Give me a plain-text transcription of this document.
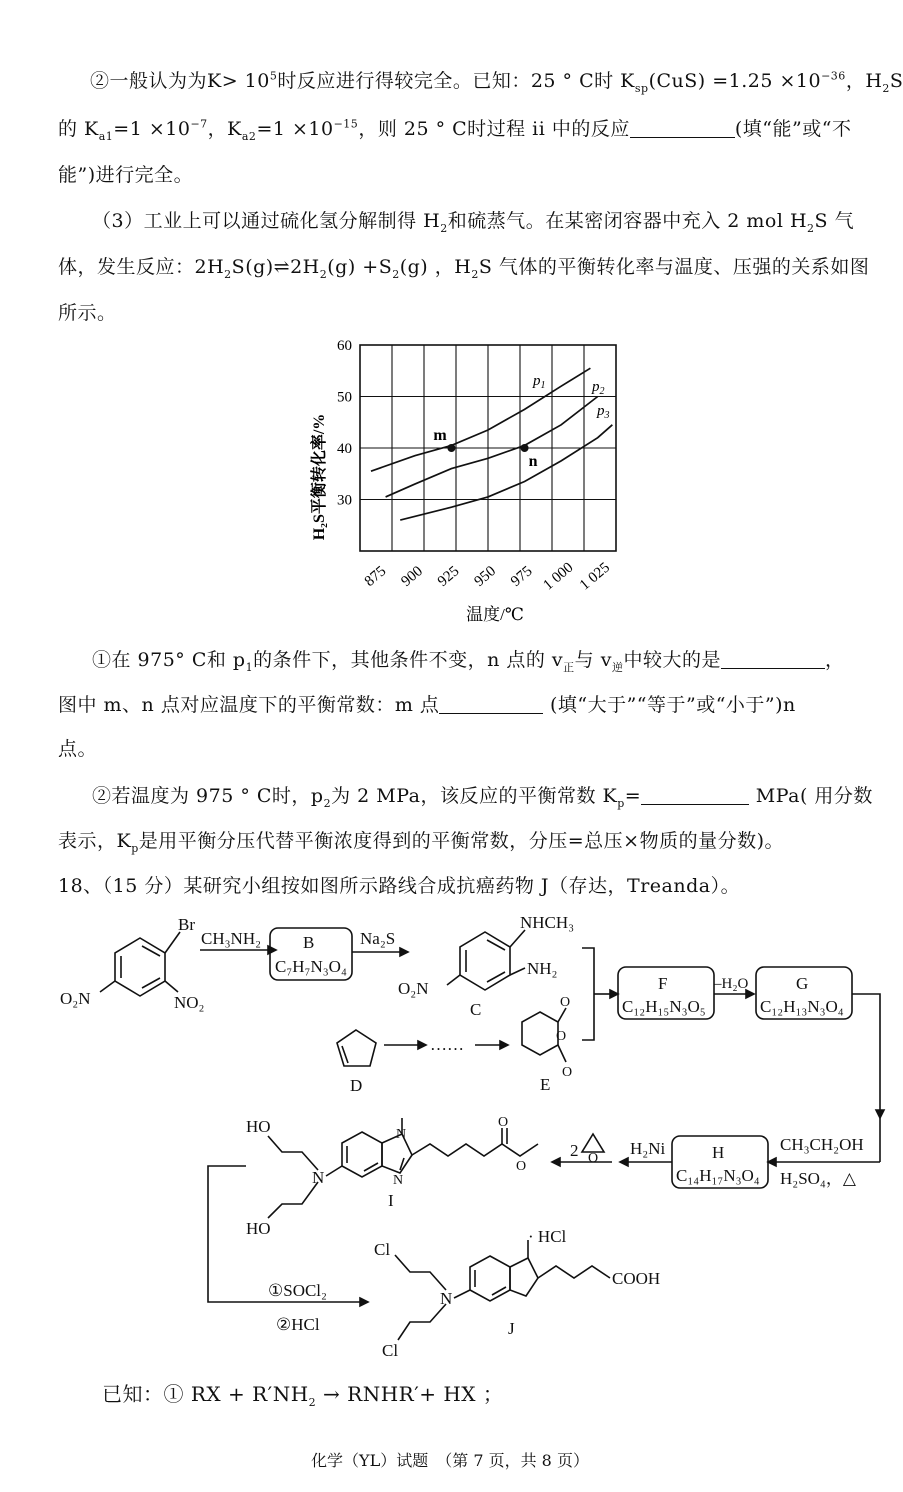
②一般认为为$K> 10^5$时反应进行得较完全。已知：25 ° C时 $K_{sp}(CuS) =1.25 \times 10^{-36}$，$H_2S$
的 $K_{a1}=1 \times 10^{-7}$，$K_{a2}=1 \times 10^{-15}$，则 25 ° C时过程 ii 中的反应	(填“能”或“不
能”)进行完全。
（3）工业上可以通过硫化氢分解制得 $H_2$和硫蒸气。在某密闭容器中充入 2 mol $H_2S$ 气
体，发生反应：$2H_2S(g)\rightleftharpoons 2H_2(g) +S_2(g)$ ，$H_2S$ 气体的平衡转化率与温度、压强的关系如图
所示。
30
40
50
60
875 900 925 950 975 1 000 1 025
m
n
H₂S平衡转化率/%
温度/℃
$p_1$	$p_2$
$p_3$
①在 975° C和 $p_1$的条件下，其他条件不变，n 点的 $v_正$与 $v_逆$中较大的是	，
图中 m、n 点对应温度下的平衡常数：m 点	(填“大于”“等于”或“小于”)n
点。
②若温度为 975 ° C时，$p_2$为 2 MPa，该反应的平衡常数 $K_p=$	MPa( 用分数
表示，$K_p$是用平衡分压代替平衡浓度得到的平衡常数，分压=总压×物质的量分数)。
18、（15 分）某研究小组按如图所示路线合成抗癌药物 J（存达，Treanda）。
Br
O₂N	NO₂
CH₃NH₂ B
C₇H₇N₃O₄
Na₂S
NHCH₃
NH₂
O₂N
C
D
……
O
O
O
E
F
C₁₂H₁₅N₃O₅
–H₂O	G
C₁₂H₁₃N₃O₄
CH₃CH₂OH
H₂SO₄，△
H
C₁₄H₁₇N₃O₄
H₂Ni
2 O
HO
HO
N
N
N
O
O
I
①SOCl₂
②HCl
Cl
Cl
N
· HCl
COOH
J
已知：① RX + $R'NH_2$ → RNHR′+ HX ；
化学（YL）试题　（第 7 页，共 8 页）
